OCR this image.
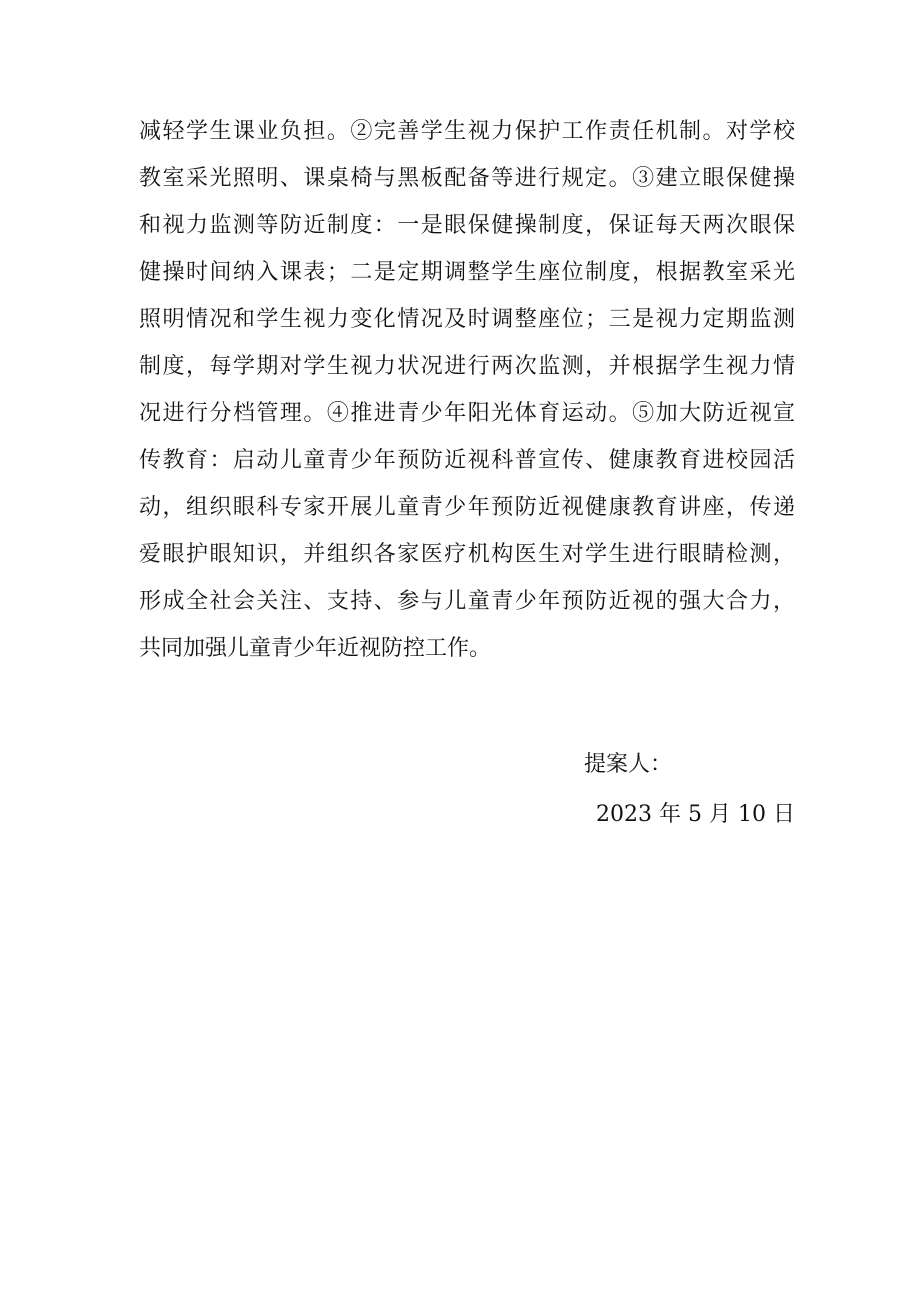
减轻学生课业负担。②完善学生视力保护工作责任机制。对学校
教室采光照明、课桌椅与黑板配备等进行规定。③建立眼保健操
和视力监测等防近制度：一是眼保健操制度，保证每天两次眼保
健操时间纳入课表；二是定期调整学生座位制度，根据教室采光
照明情况和学生视力变化情况及时调整座位；三是视力定期监测
制度，每学期对学生视力状况进行两次监测，并根据学生视力情
况进行分档管理。④推进青少年阳光体育运动。⑤加大防近视宣
传教育：启动儿童青少年预防近视科普宣传、健康教育进校园活
动，组织眼科专家开展儿童青少年预防近视健康教育讲座，传递
爱眼护眼知识，并组织各家医疗机构医生对学生进行眼睛检测，
形成全社会关注、支持、参与儿童青少年预防近视的强大合力，
共同加强儿童青少年近视防控工作。

提案人：

2023 年 5 月 10 日
